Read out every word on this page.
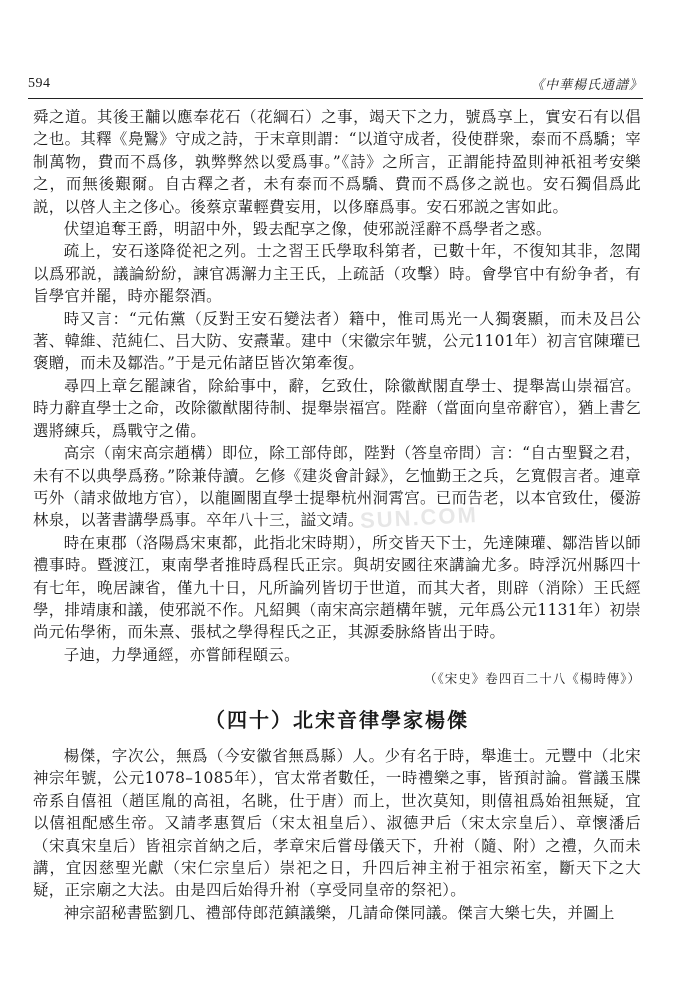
594	《中華楊氏通譜》

舜之道。其後王黼以應奉花石（花綱石）之事，竭天下之力，號爲享上，實安石有以倡之也。其釋《鳧鷖》守成之詩，于末章則謂：“以道守成者，役使群衆，泰而不爲驕；宰制萬物，費而不爲侈，孰弊弊然以愛爲事。”《詩》之所言，正謂能持盈則神祇祖考安樂之，而無後艱爾。自古釋之者，未有泰而不爲驕、費而不爲侈之説也。安石獨倡爲此説，以啓人主之侈心。後蔡京輩輕費妄用，以侈靡爲事。安石邪説之害如此。

伏望追奪王爵，明詔中外，毀去配享之像，使邪説淫辭不爲學者之惑。

疏上，安石遂降從祀之列。士之習王氏學取科第者，已數十年，不復知其非，忽聞以爲邪説，議論紛紛，諫官馮澥力主王氏，上疏話（攻擊）時。會學官中有紛争者，有旨學官并罷，時亦罷祭酒。

時又言：“元佑黨（反對王安石變法者）籍中，惟司馬光一人獨褒顯，而未及吕公著、韓維、范純仁、吕大防、安燾輩。建中（宋徽宗年號，公元1101年）初言官陳瓘已褒贈，而未及鄒浩。”于是元佑諸臣皆次第牽復。

尋四上章乞罷諫省，除給事中，辭，乞致仕，除徽猷閣直學士、提舉嵩山崇福宫。時力辭直學士之命，改除徽猷閣待制、提舉崇福宫。陛辭（當面向皇帝辭官），猶上書乞選將練兵，爲戰守之備。

高宗（南宋高宗趙構）即位，除工部侍郎，陛對（答皇帝問）言：“自古聖賢之君，未有不以典學爲務。”除兼侍讀。乞修《建炎會計録》，乞恤勤王之兵，乞寬假言者。連章丐外（請求做地方官），以龍圖閣直學士提舉杭州洞霄宫。已而告老，以本官致仕，優游林泉，以著書講學爲事。卒年八十三，謚文靖。

時在東郡（洛陽爲宋東都，此指北宋時期），所交皆天下士，先達陳瓘、鄒浩皆以師禮事時。暨渡江，東南學者推時爲程氏正宗。與胡安國往來講論尤多。時浮沉州縣四十有七年，晚居諫省，僅九十日，凡所論列皆切于世道，而其大者，則辟（消除）王氏經學，排靖康和議，使邪説不作。凡紹興（南宋高宗趙構年號，元年爲公元1131年）初崇尚元佑學術，而朱熹、張栻之學得程氏之正，其源委脉絡皆出于時。

子迪，力學通經，亦嘗師程頤云。

（《宋史》卷四百二十八《楊時傳》）

（四十）北宋音律學家楊傑

楊傑，字次公，無爲（今安徽省無爲縣）人。少有名于時，舉進士。元豐中（北宋神宗年號，公元1078–1085年），官太常者數任，一時禮樂之事，皆預討論。嘗議玉牒帝系自僖祖（趙匡胤的高祖，名眺，仕于唐）而上，世次莫知，則僖祖爲始祖無疑，宜以僖祖配感生帝。又請孝惠賀后（宋太祖皇后）、淑德尹后（宋太宗皇后）、章懷潘后（宋真宋皇后）皆祖宗首納之后，孝章宋后嘗母儀天下，升祔（隨、附）之禮，久而未講，宜因慈聖光獻（宋仁宗皇后）崇祀之日，升四后神主祔于祖宗祏室，斷天下之大疑，正宗廟之大法。由是四后始得升祔（享受同皇帝的祭祀）。

神宗詔秘書監劉几、禮部侍郎范鎮議樂，几請命傑同議。傑言大樂七失，并圖上

SUN.COM
